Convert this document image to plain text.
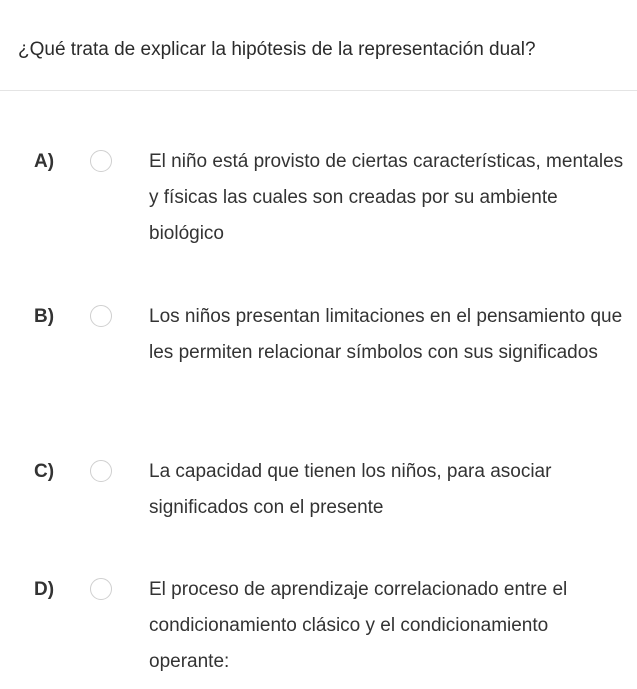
¿Qué trata de explicar la hipótesis de la representación dual?
A)	El niño está provisto de ciertas características, mentales y físicas las cuales son creadas por su ambiente biológico
B)	Los niños presentan limitaciones en el pensamiento que les permiten relacionar símbolos con sus significados
C)	La capacidad que tienen los niños, para asociar significados con el presente
D)	El proceso de aprendizaje correlacionado entre el condicionamiento clásico y el condicionamiento operante:
